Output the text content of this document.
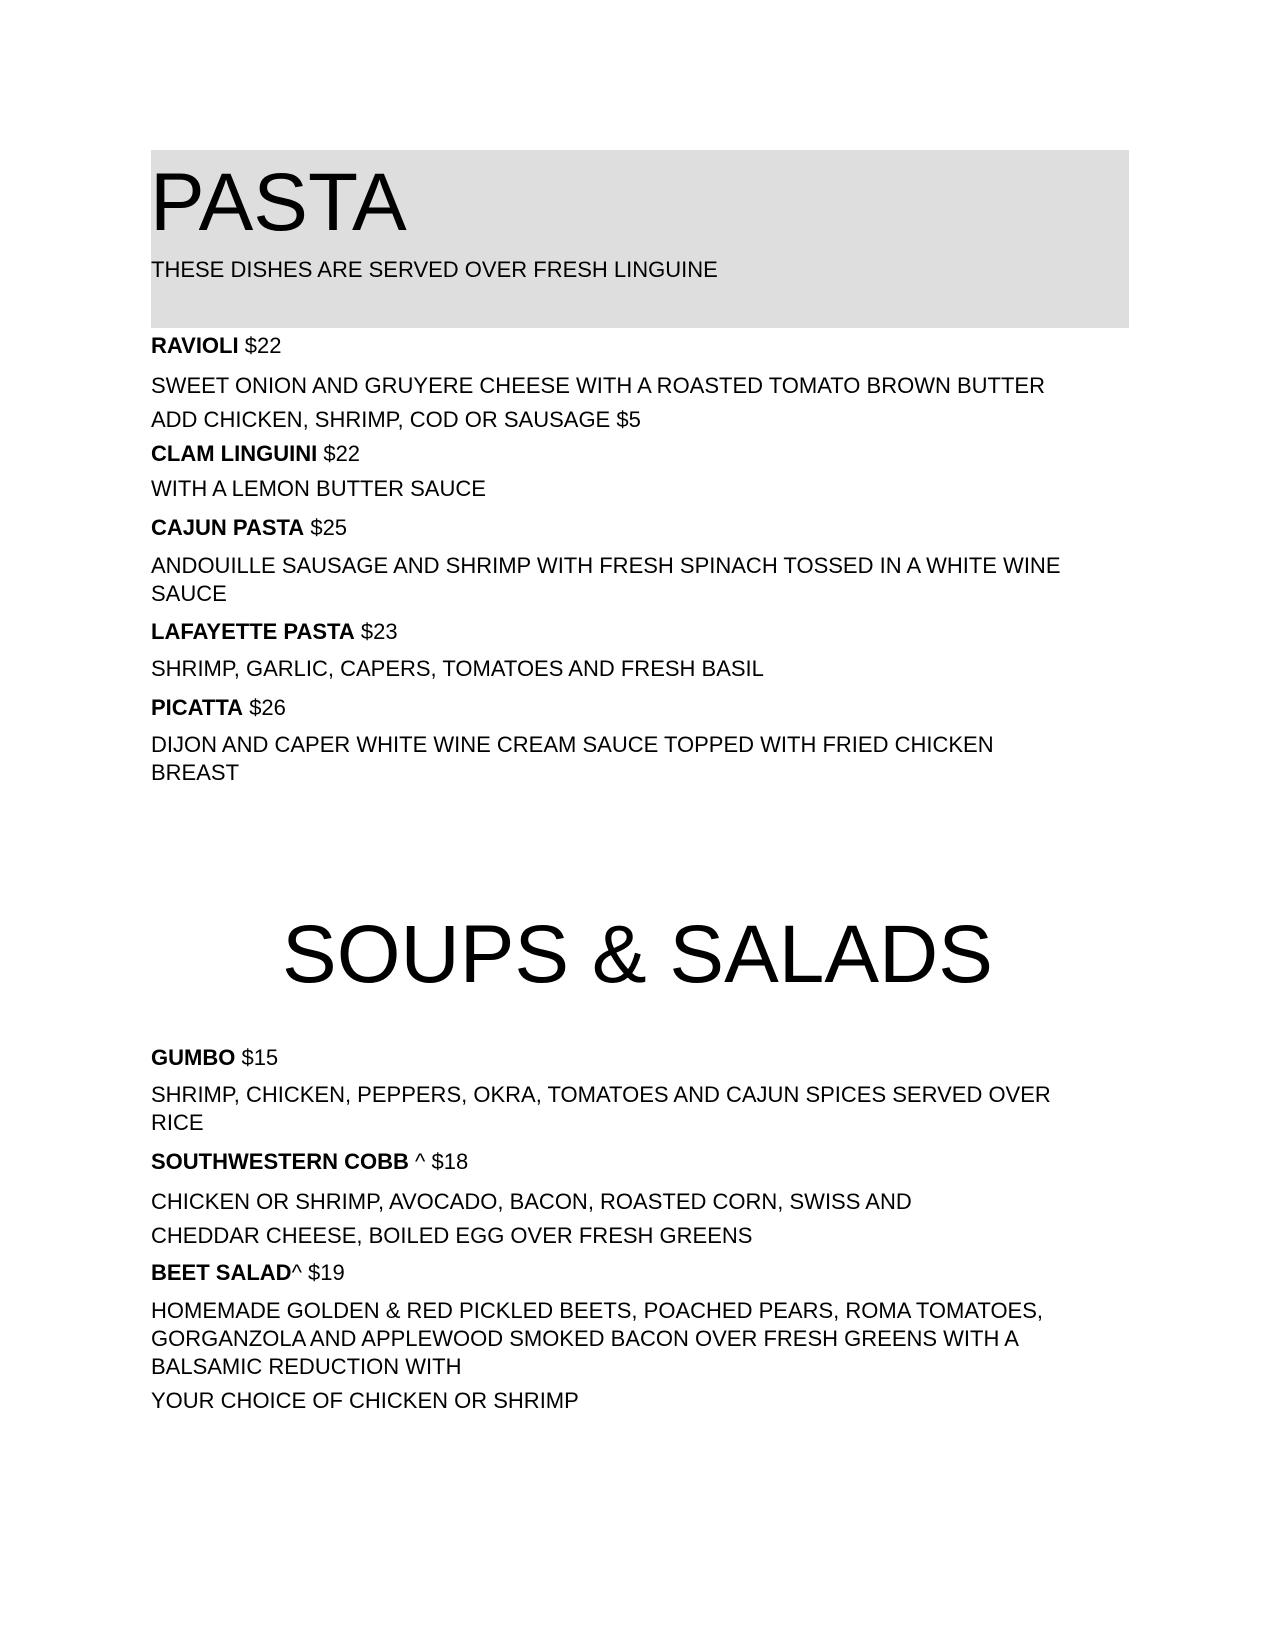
PASTA
THESE DISHES ARE SERVED OVER FRESH LINGUINE
RAVIOLI $22
SWEET ONION AND GRUYERE CHEESE WITH A ROASTED TOMATO BROWN BUTTER
ADD CHICKEN, SHRIMP, COD OR SAUSAGE $5
CLAM LINGUINI $22
WITH A LEMON BUTTER SAUCE
CAJUN PASTA $25
ANDOUILLE SAUSAGE AND SHRIMP WITH FRESH SPINACH TOSSED IN A WHITE WINE
SAUCE
LAFAYETTE PASTA $23
SHRIMP, GARLIC, CAPERS, TOMATOES AND FRESH BASIL
PICATTA $26
DIJON AND CAPER WHITE WINE CREAM SAUCE TOPPED WITH FRIED CHICKEN
BREAST
SOUPS & SALADS
GUMBO $15
SHRIMP, CHICKEN, PEPPERS, OKRA, TOMATOES AND CAJUN SPICES SERVED OVER
RICE
SOUTHWESTERN COBB ^ $18
CHICKEN OR SHRIMP, AVOCADO, BACON, ROASTED CORN, SWISS AND
CHEDDAR CHEESE, BOILED EGG OVER FRESH GREENS
BEET SALAD^ $19
HOMEMADE GOLDEN & RED PICKLED BEETS, POACHED PEARS, ROMA TOMATOES,
GORGANZOLA AND APPLEWOOD SMOKED BACON OVER FRESH GREENS WITH A
BALSAMIC REDUCTION WITH
YOUR CHOICE OF CHICKEN OR SHRIMP
